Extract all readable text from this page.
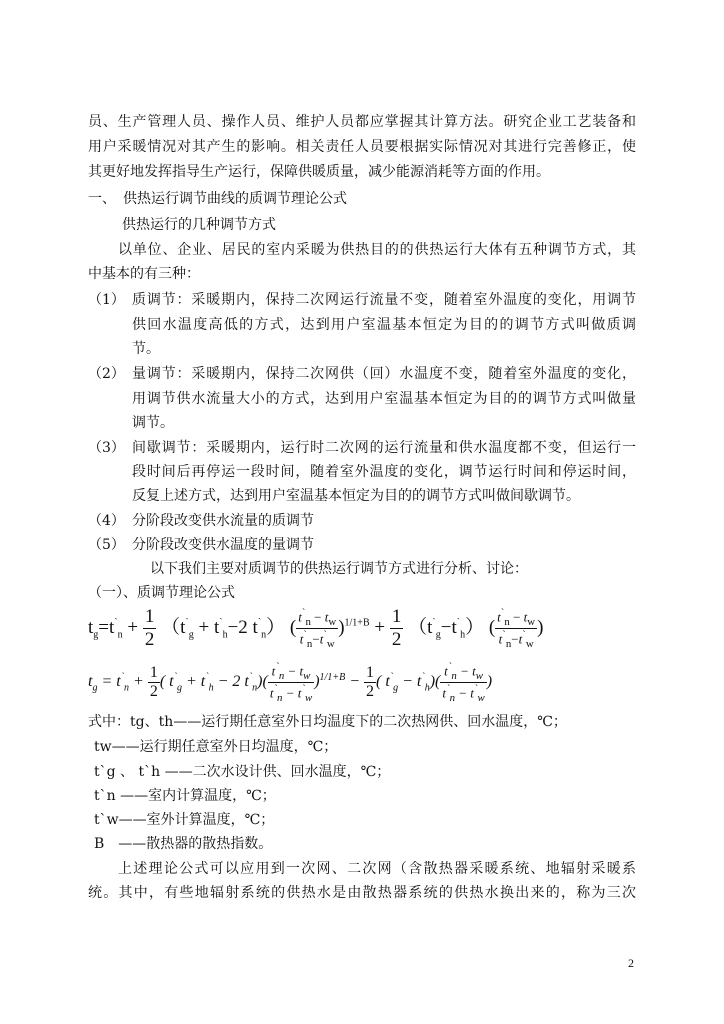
员、生产管理人员、操作人员、维护人员都应掌握其计算方法。研究企业工艺装备和
用户采暖情况对其产生的影响。相关责任人员要根据实际情况对其进行完善修正，使
其更好地发挥指导生产运行，保障供暖质量，减少能源消耗等方面的作用。
一、　供热运行调节曲线的质调节理论公式
供热运行的几种调节方式
以单位、企业、居民的室内采暖为供热目的的供热运行大体有五种调节方式，其
中基本的有三种：
（1） 质调节：采暖期内，保持二次网运行流量不变，随着室外温度的变化，用调节
供回水温度高低的方式，达到用户室温基本恒定为目的的调节方式叫做质调
节。
（2） 量调节：采暖期内，保持二次网供（回）水温度不变，随着室外温度的变化，
用调节供水流量大小的方式，达到用户室温基本恒定为目的的调节方式叫做量
调节。
（3） 间歇调节：采暖期内，运行时二次网的运行流量和供水温度都不变，但运行一
段时间后再停运一段时间，随着室外温度的变化，调节运行时间和停运时间，
反复上述方式，达到用户室温基本恒定为目的的调节方式叫做间歇调节。
（4） 分阶段改变供水流量的质调节
（5） 分阶段改变供水温度的量调节
以下我们主要对质调节的供热运行调节方式进行分析、讨论：
（一）、质调节理论公式
$t_g=t^`_n + \frac{1}{2} (t^`_g + t^`_h-2$ $t^`_n$） ( $\frac{t^`_n - t_w}{t^`_n-t^`_w} )^{1/1+B} + \frac{1}{2} (t^`_g-t^`_h)$ ( $\frac{t^`_n - t_w}{t^`_n-t^`_w}$ )
$t_g = t^`_n + \frac{1}{2}$ ( $t^`_g + t^`_h - 2$ $t^`_n)( \frac{t^`_n - t_w}{t^`_n - t^`_w} )^{1/1+B} - \frac{1}{2}$ ( $t^`_g - t^`_h)( \frac{t^`_n - t_w}{t^`_n - t^`_w}$ )
式中：tg、th——运行期任意室外日均温度下的二次热网供、回水温度，℃；
tw——运行期任意室外日均温度，℃；
t`g 、 t`h ——二次水设计供、回水温度，℃；
t`n ——室内计算温度，℃；
t`w——室外计算温度，℃；
B　——散热器的散热指数。
上述理论公式可以应用到一次网、二次网（含散热器采暖系统、地辐射采暖系
统。其中，有些地辐射系统的供热水是由散热器系统的供热水换出来的，称为三次
2
